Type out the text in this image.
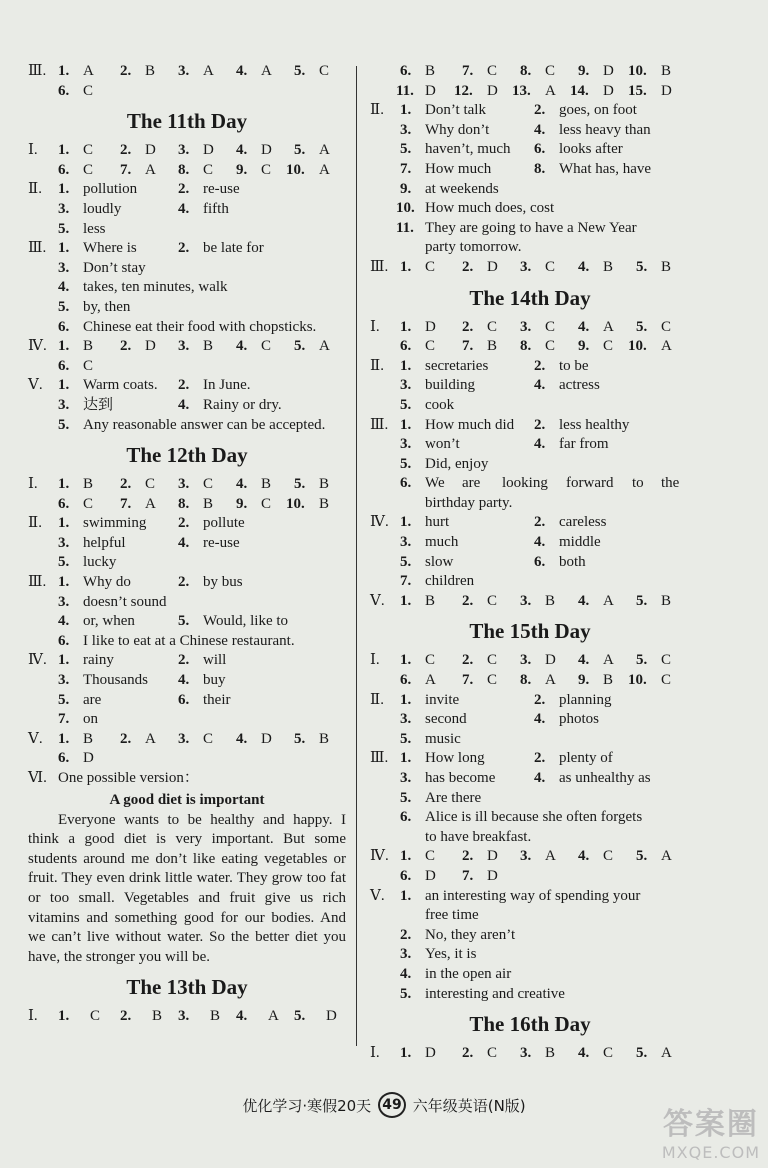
Ⅲ. 1. A 2. B 3. A 4. A 5. C
6. C
The 11th Day
Ⅰ. 1. C 2. D 3. D 4. D 5. A
6. C 7. A 8. C 9. C 10. A
Ⅱ. 1. pollution	2. re-use
3. loudly	4. fifth
5. less
Ⅲ. 1. Where is	2. be late for
3. Don’t stay
4. takes, ten minutes, walk
5. by, then
6. Chinese eat their food with chopsticks.
Ⅳ. 1. B 2. D 3. B 4. C 5. A
6. C
Ⅴ. 1. Warm coats. 2. In June.
3. 达到	4. Rainy or dry.
5. Any reasonable answer can be accepted.
The 12th Day
Ⅰ. 1. B 2. C 3. C 4. B 5. B
6. C 7. A 8. B 9. C 10. B
Ⅱ. 1. swimming 2. pollute
3. helpful	4. re-use
5. lucky
Ⅲ. 1. Why do	2. by bus
3. doesn’t sound
4. or, when	5. Would, like to
6. I like to eat at a Chinese restaurant.
Ⅳ. 1. rainy	2. will
3. Thousands 4. buy
5. are	6. their
7. on
Ⅴ. 1. B 2. A 3. C 4. D 5. B
6. D
Ⅵ. One possible version：
A good diet is important

Everyone wants to be healthy and happy. I think a good diet is very important. But some students around me don’t like eating vegetables or fruit. They even drink little water. They grow too fat or too small. Vegetables and fruit give us rich vitamins and something good for our bodies. And we can’t live without water. So the better diet you have, the stronger you will be.

The 13th Day
Ⅰ. 1. C 2. B 3. B 4. A 5. D
6. B 7. C 8. C 9. D 10. B
11. D 12. D 13. A 14. D 15. D
Ⅱ. 1. Don’t talk	2. goes, on foot
3. Why don’t	4. less heavy than
5. haven’t, much 6. looks after
7. How much	8. What has, have
9. at weekends
10. How much does, cost
11. They are going to have a New Year
party tomorrow.
Ⅲ. 1. C 2. D 3. C 4. B 5. B
The 14th Day
Ⅰ. 1. D 2. C 3. C 4. A 5. C
6. C 7. B 8. C 9. C 10. A
Ⅱ. 1. secretaries	2. to be
3. building	4. actress
5. cook
Ⅲ. 1. How much did 2. less healthy
3. won’t	4. far from
5. Did, enjoy
6. We are looking forward to the
birthday party.
Ⅳ. 1. hurt	2. careless
3. much	4. middle
5. slow	6. both
7. children
Ⅴ. 1. B 2. C 3. B 4. A 5. B
The 15th Day
Ⅰ. 1. C 2. C 3. D 4. A 5. C
6. A 7. C 8. A 9. B 10. C
Ⅱ. 1. invite	2. planning
3. second	4. photos
5. music
Ⅲ. 1. How long	2. plenty of
3. has become	4. as unhealthy as
5. Are there
6. Alice is ill because she often forgets
to have breakfast.
Ⅳ. 1. C 2. D 3. A 4. C 5. A
6. D 7. D
Ⅴ. 1. an interesting way of spending your
free time
2. No, they aren’t
3. Yes, it is
4. in the open air
5. interesting and creative
The 16th Day
Ⅰ. 1. D 2. C 3. B 4. C 5. A
优化学习·寒假20天 49 六年级英语(N版)
答案圈
MXQE.COM
